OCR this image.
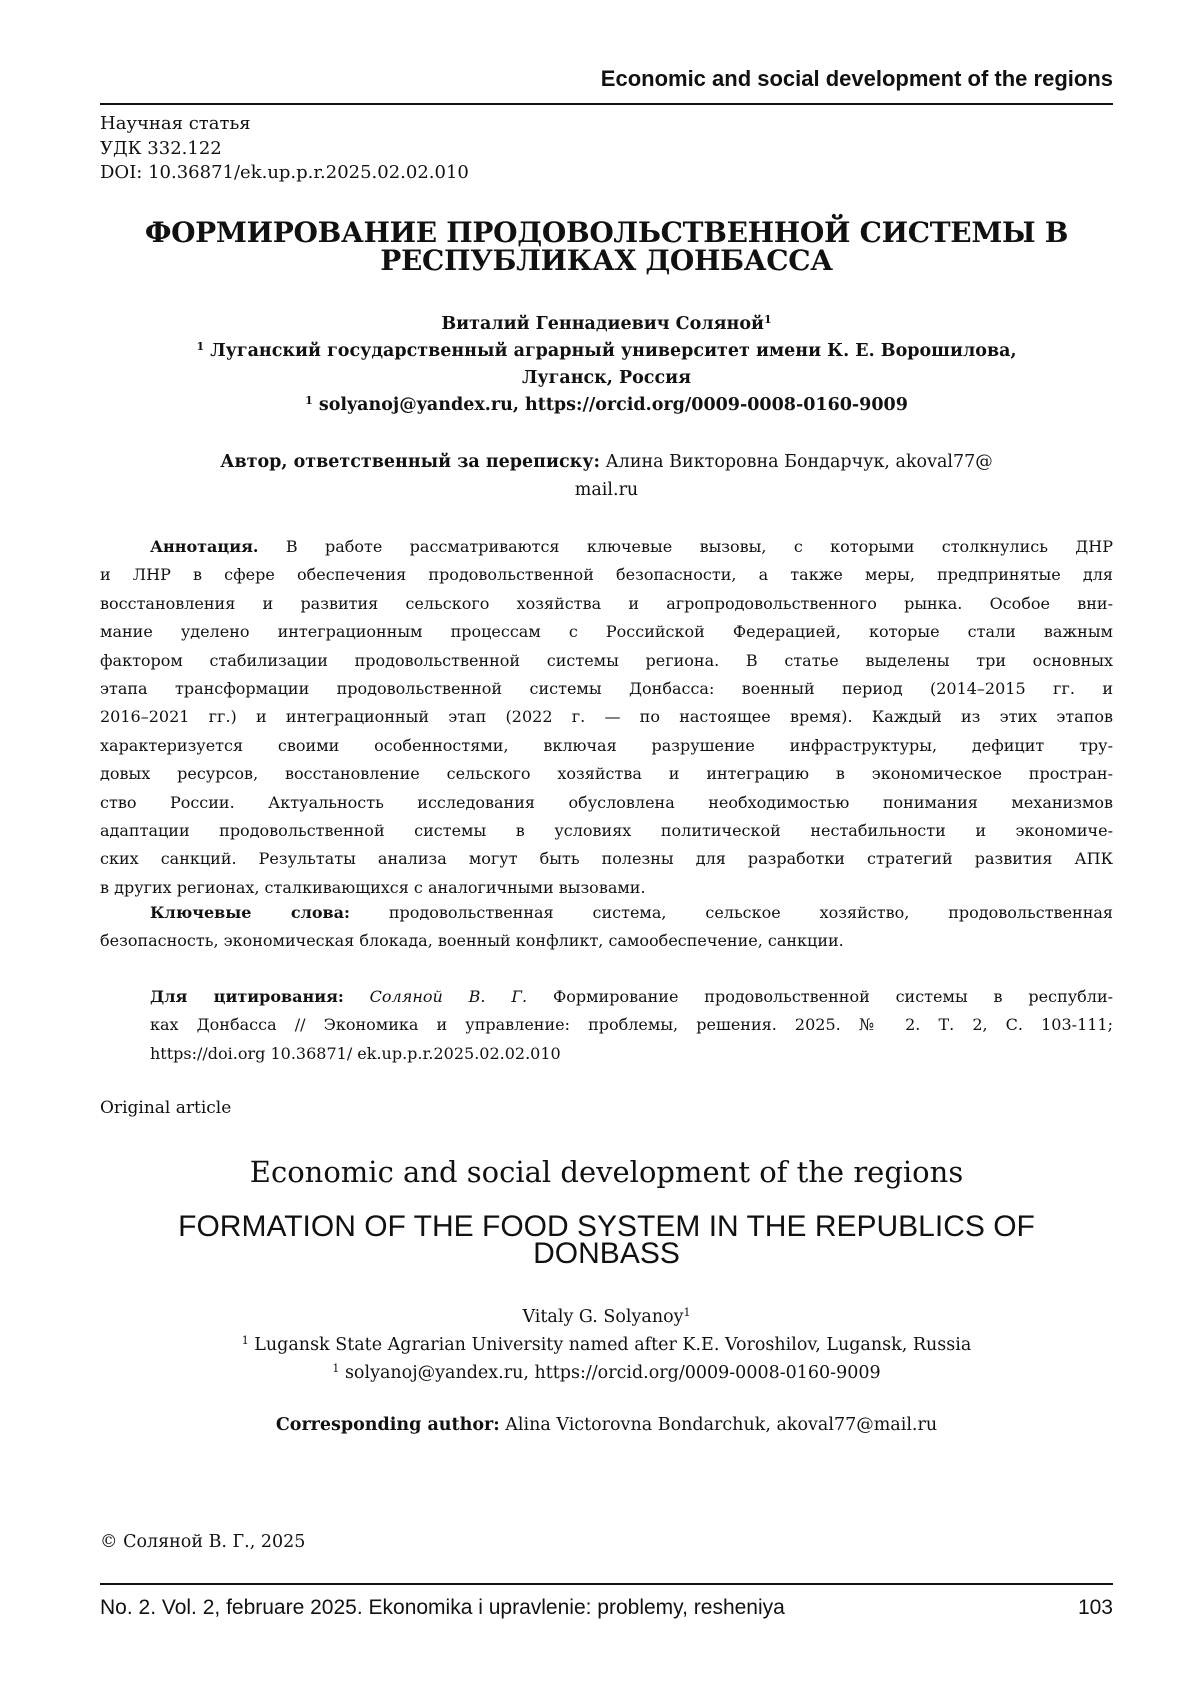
Economic and social development of the regions
Научная статья
УДК 332.122
DOI: 10.36871/ek.up.p.r.2025.02.02.010
ФОРМИРОВАНИЕ ПРОДОВОЛЬСТВЕННОЙ СИСТЕМЫ В
РЕСПУБЛИКАХ ДОНБАССА
Виталий Геннадиевич Соляной$^1$
$^1$ Луганский государственный аграрный университет имени К. Е. Ворошилова,
Луганск, Россия
$^1$ solyanoj@yandex.ru, https://orcid.org/0009-0008-0160-9009
Автор, ответственный за переписку: Алина Викторовна Бондарчук, akoval77@
mail.ru
Аннотация. В работе рассматриваются ключевые вызовы, с которыми столкнулись ДНР
и ЛНР в сфере обеспечения продовольственной безопасности, а также меры, предпринятые для
восстановления и развития сельского хозяйства и агропродовольственного рынка. Особое вни-
мание уделено интеграционным процессам с Российской Федерацией, которые стали важным
фактором стабилизации продовольственной системы региона. В статье выделены три основных
этапа трансформации продовольственной системы Донбасса: военный период (2014–2015 гг. и
2016–2021 гг.) и интеграционный этап (2022 г. — по настоящее время). Каждый из этих этапов
характеризуется своими особенностями, включая разрушение инфраструктуры, дефицит тру-
довых ресурсов, восстановление сельского хозяйства и интеграцию в экономическое простран-
ство России. Актуальность исследования обусловлена необходимостью понимания механизмов
адаптации продовольственной системы в условиях политической нестабильности и экономиче-
ских санкций. Результаты анализа могут быть полезны для разработки стратегий развития АПК
в других регионах, сталкивающихся с аналогичными вызовами.
Ключевые слова: продовольственная система, сельское хозяйство, продовольственная
безопасность, экономическая блокада, военный конфликт, самообеспечение, санкции.
Для цитирования: Соляной В. Г. Формирование продовольственной системы в республи-
ках Донбасса // Экономика и управление: проблемы, решения. 2025. № 2. Т. 2, С. 103-111;
https://doi.org 10.36871/ ek.up.p.r.2025.02.02.010
Original article
Economic and social development of the regions
FORMATION OF THE FOOD SYSTEM IN THE REPUBLICS OF
DONBASS
Vitaly G. Solyanoy$^1$
$^1$ Lugansk State Agrarian University named after K.E. Voroshilov, Lugansk, Russia
$^1$ solyanoj@yandex.ru, https://orcid.org/0009-0008-0160-9009
Corresponding author: Alina Victorovna Bondarchuk, akoval77@mail.ru
© Соляной В. Г., 2025
No. 2. Vol. 2, februare 2025. Ekonomika i upravlenie: problemy, resheniya	103
